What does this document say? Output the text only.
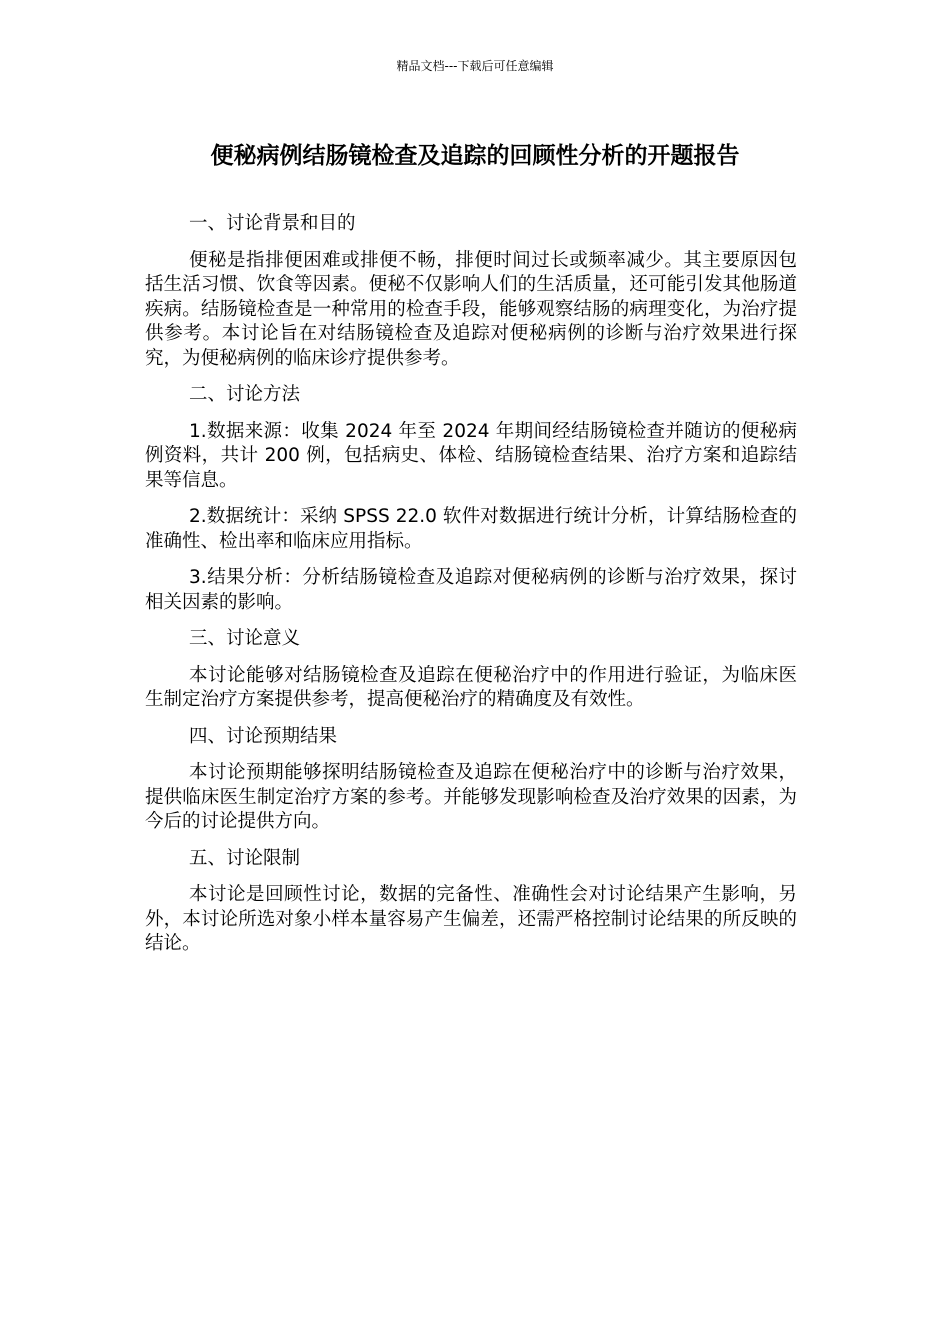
精品文档---下载后可任意编辑
便秘病例结肠镜检查及追踪的回顾性分析的开题报告

一、讨论背景和目的

便秘是指排便困难或排便不畅，排便时间过长或频率减少。其主要原因包括生活习惯、饮食等因素。便秘不仅影响人们的生活质量，还可能引发其他肠道疾病。结肠镜检查是一种常用的检查手段，能够观察结肠的病理变化，为治疗提供参考。本讨论旨在对结肠镜检查及追踪对便秘病例的诊断与治疗效果进行探究，为便秘病例的临床诊疗提供参考。

二、讨论方法

1.数据来源：收集 2024 年至 2024 年期间经结肠镜检查并随访的便秘病例资料，共计 200 例，包括病史、体检、结肠镜检查结果、治疗方案和追踪结果等信息。

2.数据统计：采纳 SPSS 22.0 软件对数据进行统计分析，计算结肠检查的准确性、检出率和临床应用指标。

3.结果分析：分析结肠镜检查及追踪对便秘病例的诊断与治疗效果，探讨相关因素的影响。

三、讨论意义

本讨论能够对结肠镜检查及追踪在便秘治疗中的作用进行验证，为临床医生制定治疗方案提供参考，提高便秘治疗的精确度及有效性。

四、讨论预期结果

本讨论预期能够探明结肠镜检查及追踪在便秘治疗中的诊断与治疗效果，提供临床医生制定治疗方案的参考。并能够发现影响检查及治疗效果的因素，为今后的讨论提供方向。

五、讨论限制

本讨论是回顾性讨论，数据的完备性、准确性会对讨论结果产生影响，另外，本讨论所选对象小样本量容易产生偏差，还需严格控制讨论结果的所反映的结论。
